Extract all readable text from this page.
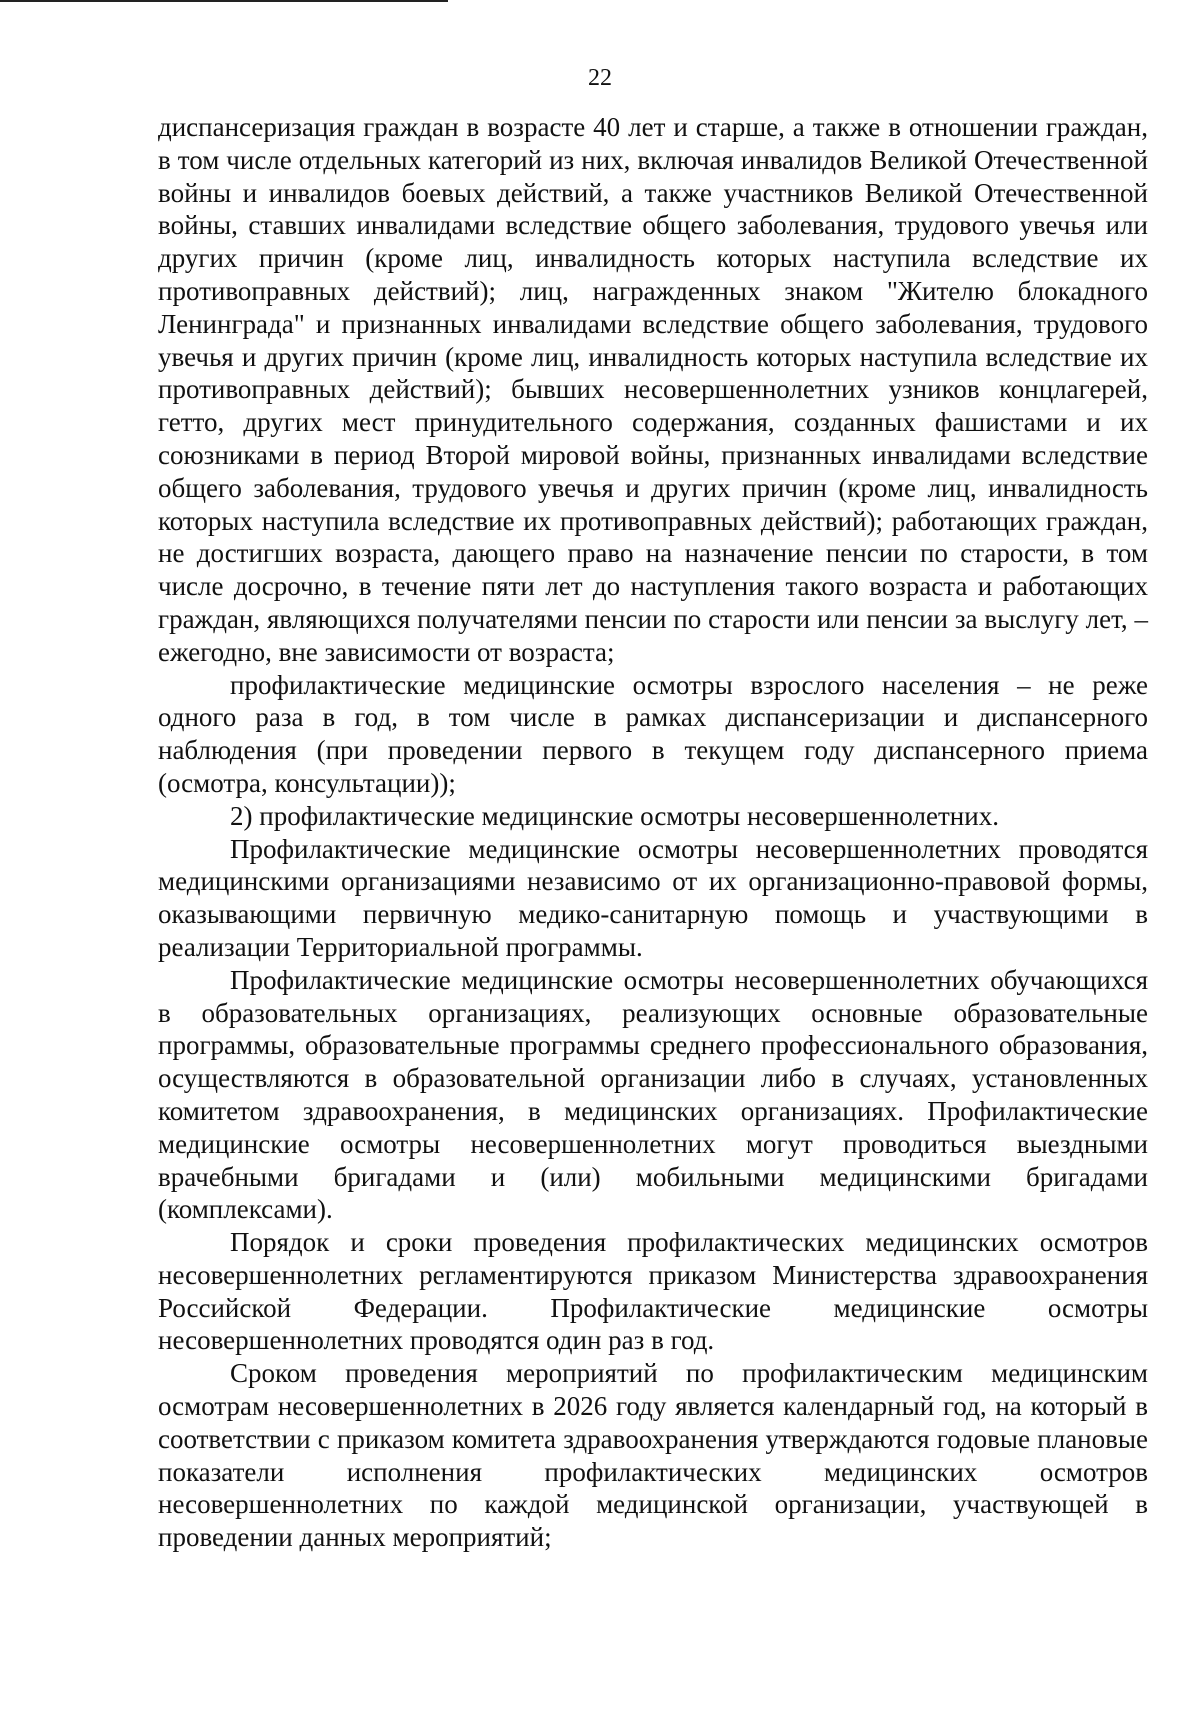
22

диспансеризация граждан в возрасте 40 лет и старше, а также в отношении граждан, в том числе отдельных категорий из них, включая инвалидов Великой Отечественной войны и инвалидов боевых действий, а также участников Великой Отечественной войны, ставших инвалидами вследствие общего заболевания, трудового увечья или других причин (кроме лиц, инвалидность которых наступила вследствие их противоправных действий); лиц, награжденных знаком "Жителю блокадного Ленинграда" и признанных инвалидами вследствие общего заболевания, трудового увечья и других причин (кроме лиц, инвалидность которых наступила вследствие их противоправных действий); бывших несовершеннолетних узников концлагерей, гетто, других мест принудительного содержания, созданных фашистами и их союзниками в период Второй мировой войны, признанных инвалидами вследствие общего заболевания, трудового увечья и других причин (кроме лиц, инвалидность которых наступила вследствие их противоправных действий); работающих граждан, не достигших возраста, дающего право на назначение пенсии по старости, в том числе досрочно, в течение пяти лет до наступления такого возраста и работающих граждан, являющихся получателями пенсии по старости или пенсии за выслугу лет, – ежегодно, вне зависимости от возраста;

профилактические медицинские осмотры взрослого населения – не реже одного раза в год, в том числе в рамках диспансеризации и диспансерного наблюдения (при проведении первого в текущем году диспансерного приема (осмотра, консультации));

2) профилактические медицинские осмотры несовершеннолетних.

Профилактические медицинские осмотры несовершеннолетних проводятся медицинскими организациями независимо от их организационно-правовой формы, оказывающими первичную медико-санитарную помощь и участвующими в реализации Территориальной программы.

Профилактические медицинские осмотры несовершеннолетних обучающихся в образовательных организациях, реализующих основные образовательные программы, образовательные программы среднего профессионального образования, осуществляются в образовательной организации либо в случаях, установленных комитетом здравоохранения, в медицинских организациях. Профилактические медицинские осмотры несовершеннолетних могут проводиться выездными врачебными бригадами и (или) мобильными медицинскими бригадами (комплексами).

Порядок и сроки проведения профилактических медицинских осмотров несовершеннолетних регламентируются приказом Министерства здравоохранения Российской Федерации. Профилактические медицинские осмотры несовершеннолетних проводятся один раз в год.

Сроком проведения мероприятий по профилактическим медицинским осмотрам несовершеннолетних в 2026 году является календарный год, на который в соответствии с приказом комитета здравоохранения утверждаются годовые плановые показатели исполнения профилактических медицинских осмотров несовершеннолетних по каждой медицинской организации, участвующей в проведении данных мероприятий;
